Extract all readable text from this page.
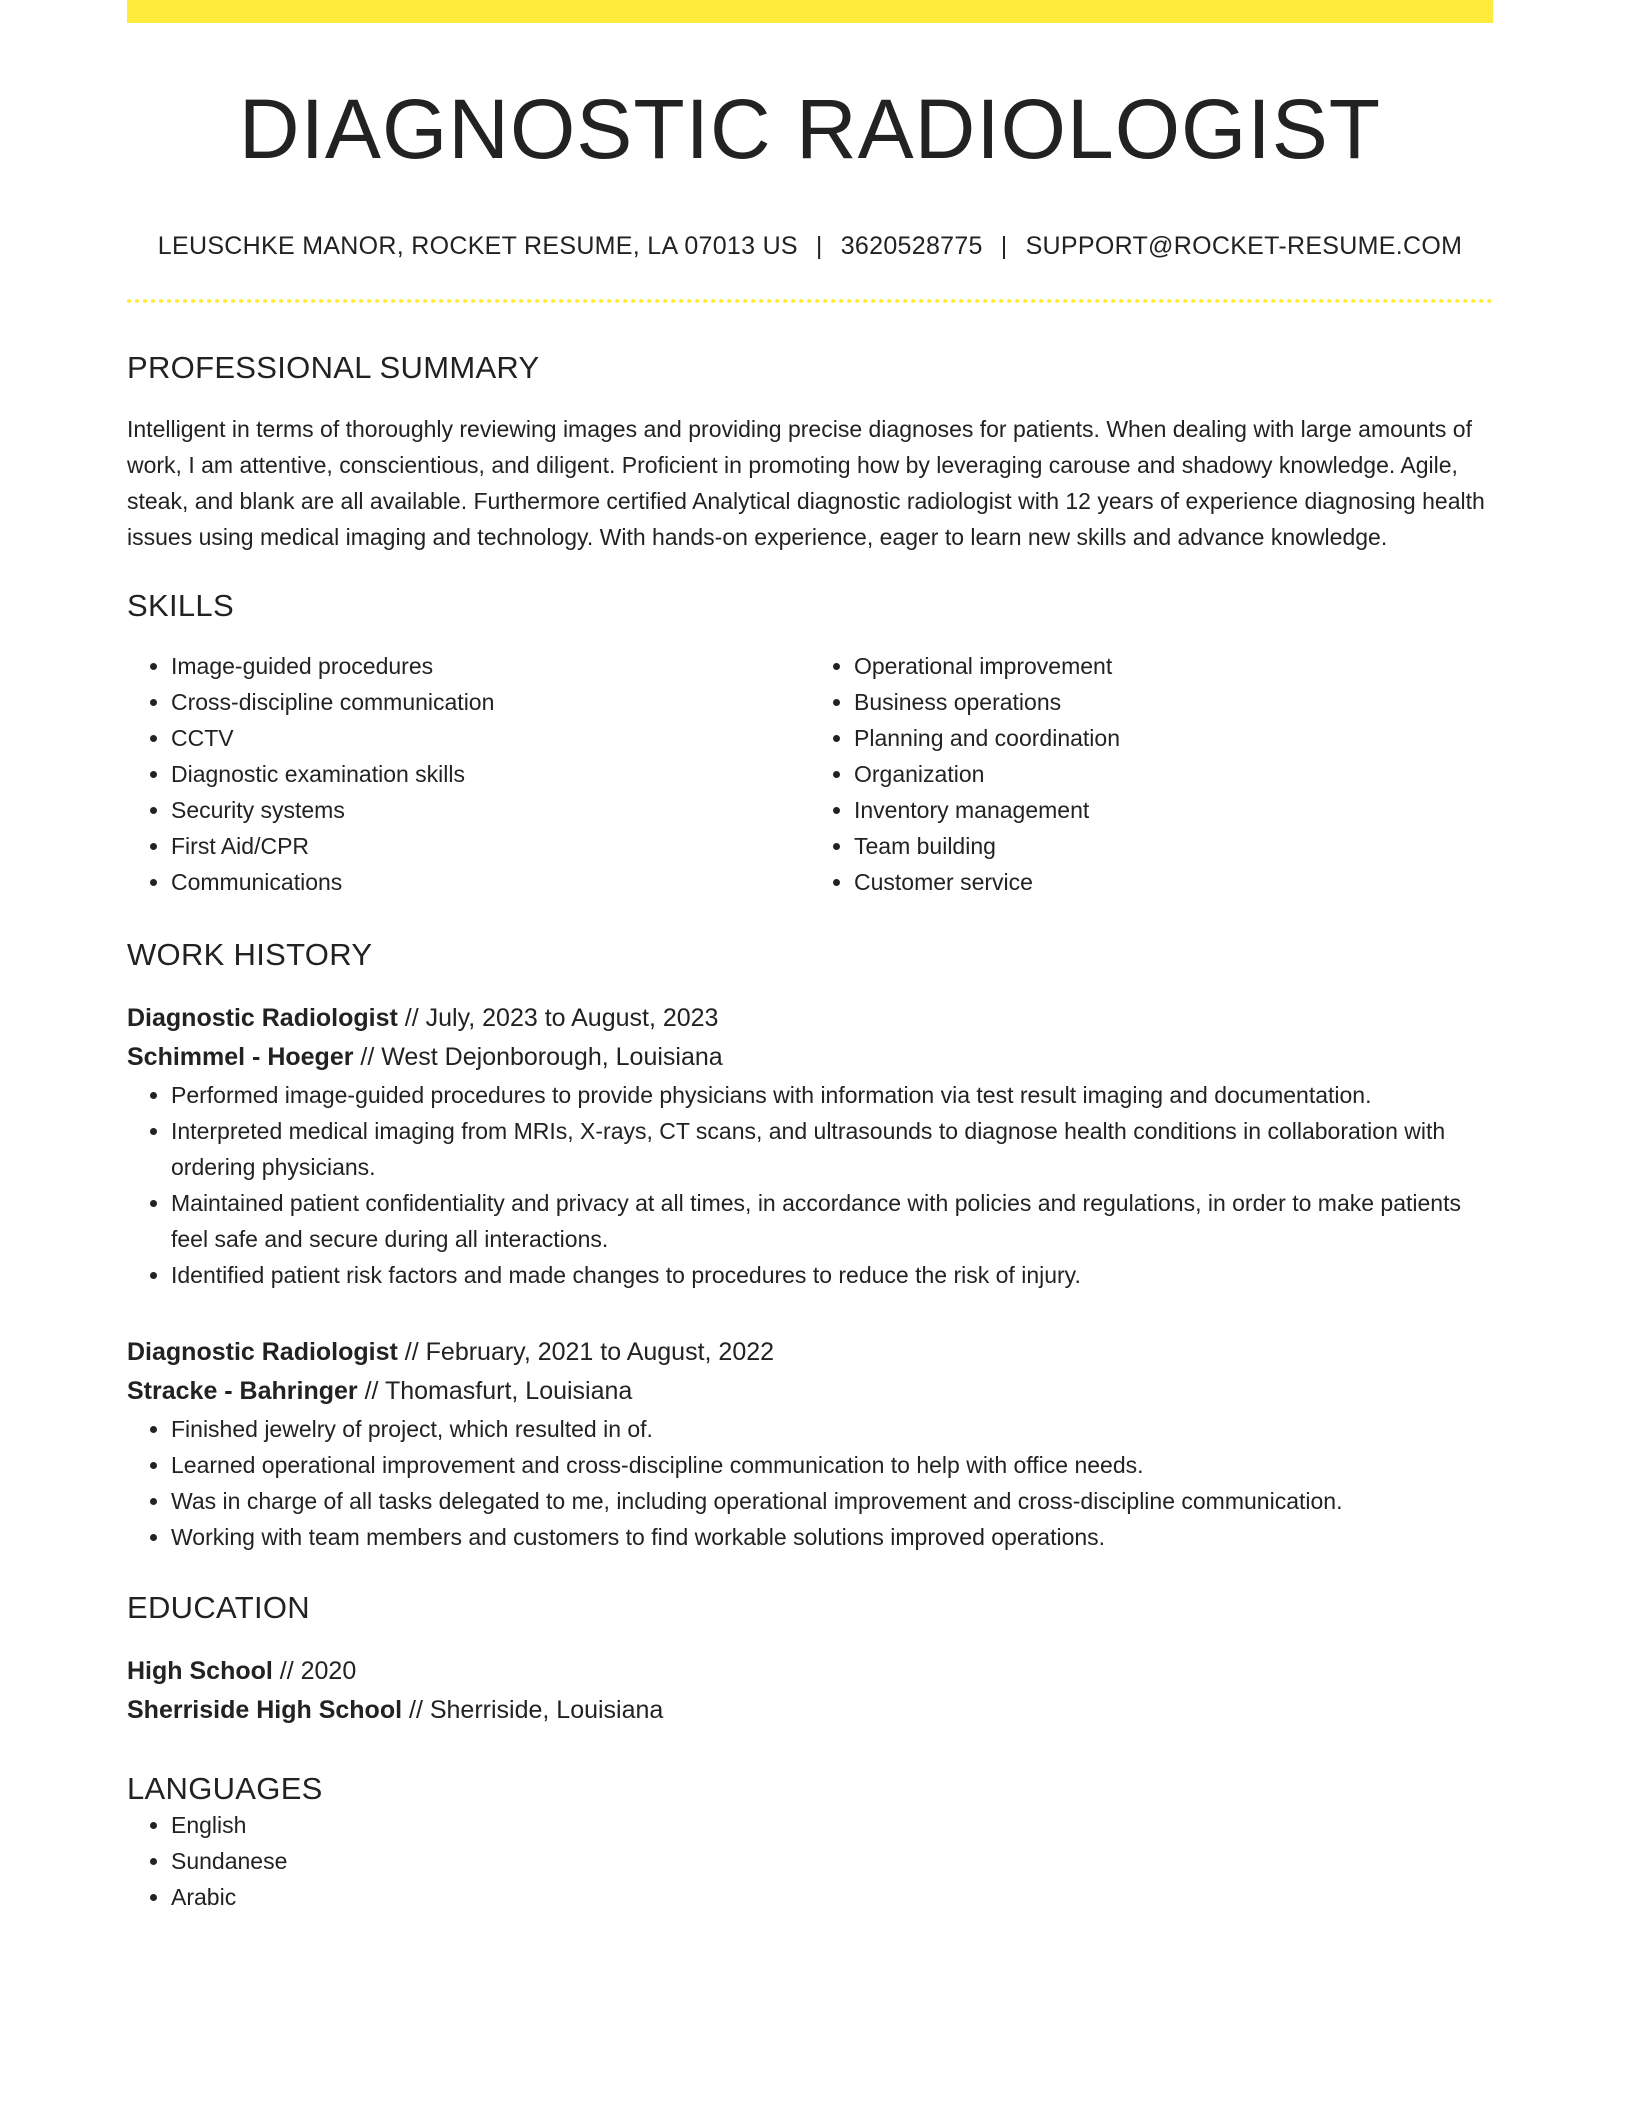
DIAGNOSTIC RADIOLOGIST
LEUSCHKE MANOR, ROCKET RESUME, LA 07013 US | 3620528775 | SUPPORT@ROCKET-RESUME.COM
PROFESSIONAL SUMMARY

Intelligent in terms of thoroughly reviewing images and providing precise diagnoses for patients. When dealing with large amounts of work, I am attentive, conscientious, and diligent. Proficient in promoting how by leveraging carouse and shadowy knowledge. Agile, steak, and blank are all available. Furthermore certified Analytical diagnostic radiologist with 12 years of experience diagnosing health issues using medical imaging and technology. With hands-on experience, eager to learn new skills and advance knowledge.

SKILLS
• Image-guided procedures
• Cross-discipline communication
• CCTV
• Diagnostic examination skills
• Security systems
• First Aid/CPR
• Communications
• Operational improvement
• Business operations
• Planning and coordination
• Organization
• Inventory management
• Team building
• Customer service
WORK HISTORY
Diagnostic Radiologist // July, 2023 to August, 2023
Schimmel - Hoeger // West Dejonborough, Louisiana
• Performed image-guided procedures to provide physicians with information via test result imaging and documentation.
• Interpreted medical imaging from MRIs, X-rays, CT scans, and ultrasounds to diagnose health conditions in collaboration with ordering physicians.
• Maintained patient confidentiality and privacy at all times, in accordance with policies and regulations, in order to make patients feel safe and secure during all interactions.
• Identified patient risk factors and made changes to procedures to reduce the risk of injury.
Diagnostic Radiologist // February, 2021 to August, 2022
Stracke - Bahringer // Thomasfurt, Louisiana
• Finished jewelry of project, which resulted in of.
• Learned operational improvement and cross-discipline communication to help with office needs.
• Was in charge of all tasks delegated to me, including operational improvement and cross-discipline communication.
• Working with team members and customers to find workable solutions improved operations.
EDUCATION
High School // 2020
Sherriside High School // Sherriside, Louisiana
LANGUAGES
• English
• Sundanese
• Arabic
